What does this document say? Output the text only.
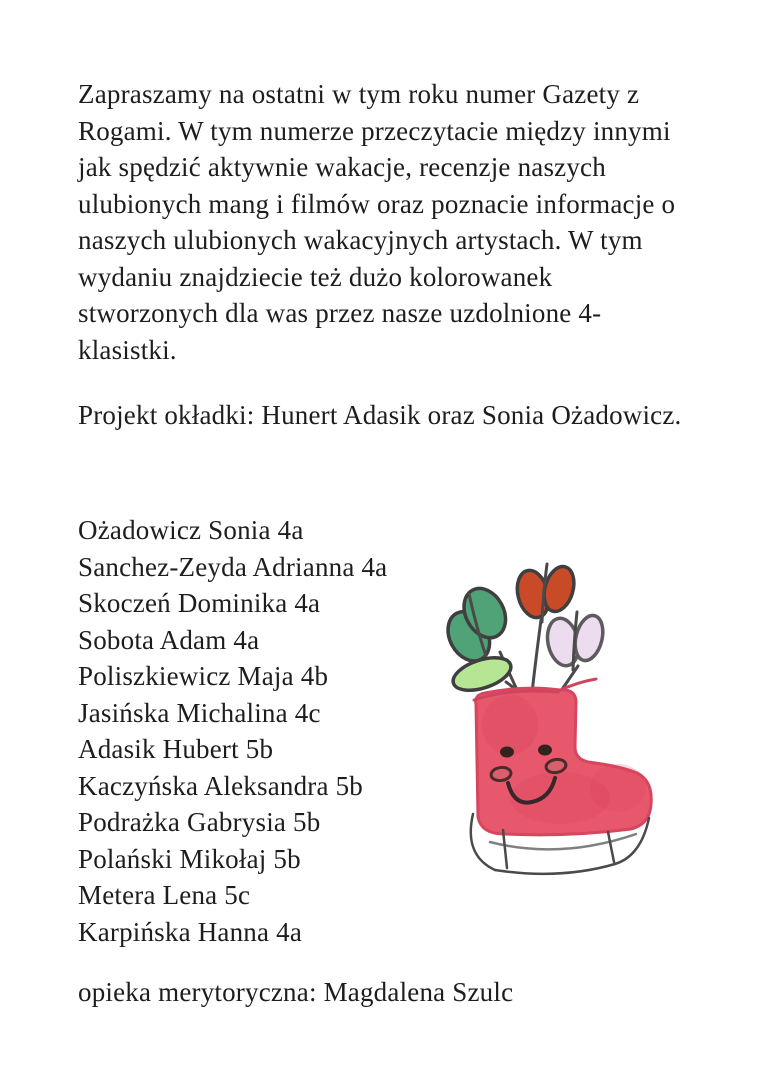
Zapraszamy na ostatni w tym roku numer Gazety z
Rogami. W tym numerze przeczytacie między innymi
jak spędzić aktywnie wakacje, recenzje naszych
ulubionych mang i filmów oraz poznacie informacje o
naszych ulubionych wakacyjnych artystach. W tym
wydaniu znajdziecie też dużo kolorowanek
stworzonych dla was przez nasze uzdolnione 4-
klasistki.
Projekt okładki: Hunert Adasik oraz Sonia Ożadowicz.
Ożadowicz Sonia 4a
Sanchez-Zeyda Adrianna 4a
Skoczeń Dominika 4a
Sobota Adam 4a
Poliszkiewicz Maja 4b
Jasińska Michalina 4c
Adasik Hubert 5b
Kaczyńska Aleksandra 5b
Podrażka Gabrysia 5b
Polański Mikołaj 5b
Metera Lena 5c
Karpińska Hanna 4a
opieka merytoryczna: Magdalena Szulc
